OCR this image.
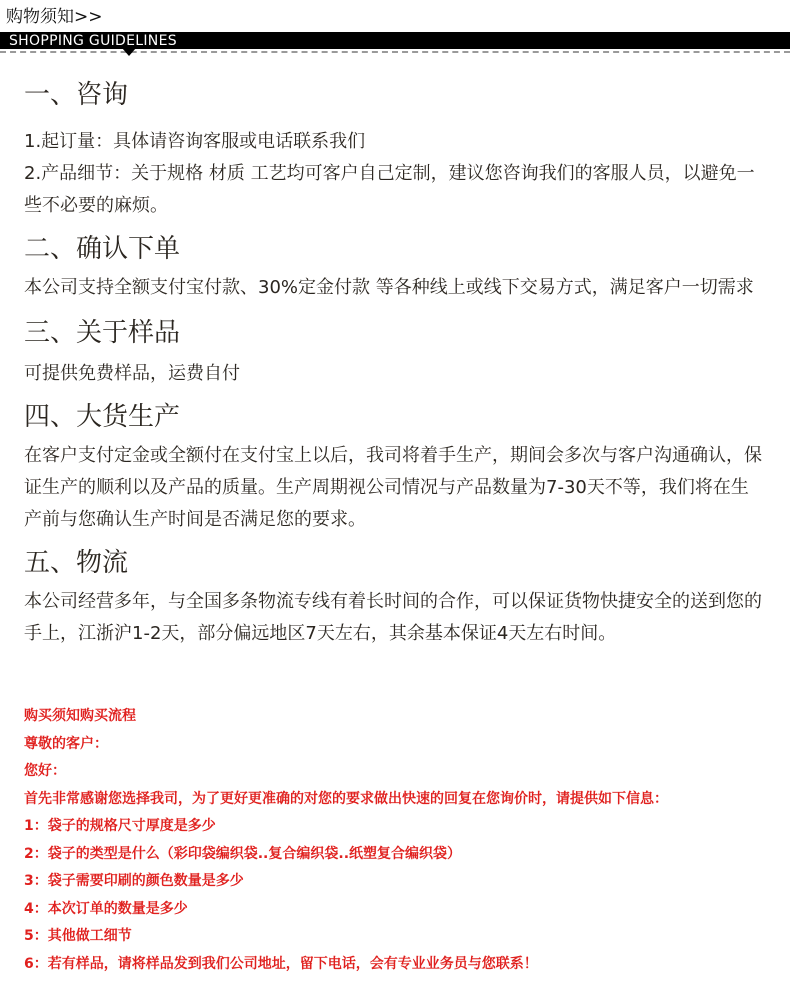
购物须知>>
SHOPPING GUIDELINES
一、咨询

1.起订量：具体请咨询客服或电话联系我们

2.产品细节：关于规格 材质 工艺均可客户自己定制，建议您咨询我们的客服人员，以避免一些不必要的麻烦。

二、确认下单

本公司支持全额支付宝付款、30%定金付款 等各种线上或线下交易方式，满足客户一切需求

三、关于样品

可提供免费样品，运费自付

四、大货生产

在客户支付定金或全额付在支付宝上以后，我司将着手生产，期间会多次与客户沟通确认，保证生产的顺利以及产品的质量。生产周期视公司情况与产品数量为7-30天不等，我们将在生产前与您确认生产时间是否满足您的要求。

五、物流

本公司经营多年，与全国多条物流专线有着长时间的合作，可以保证货物快捷安全的送到您的手上，江浙沪1-2天，部分偏远地区7天左右，其余基本保证4天左右时间。

购买须知购买流程
尊敬的客户：
您好：
首先非常感谢您选择我司，为了更好更准确的对您的要求做出快速的回复在您询价时，请提供如下信息：
1：袋子的规格尺寸厚度是多少
2：袋子的类型是什么（彩印袋编织袋..复合编织袋..纸塑复合编织袋）
3：袋子需要印刷的颜色数量是多少
4：本次订单的数量是多少
5：其他做工细节
6：若有样品，请将样品发到我们公司地址，留下电话，会有专业业务员与您联系！
